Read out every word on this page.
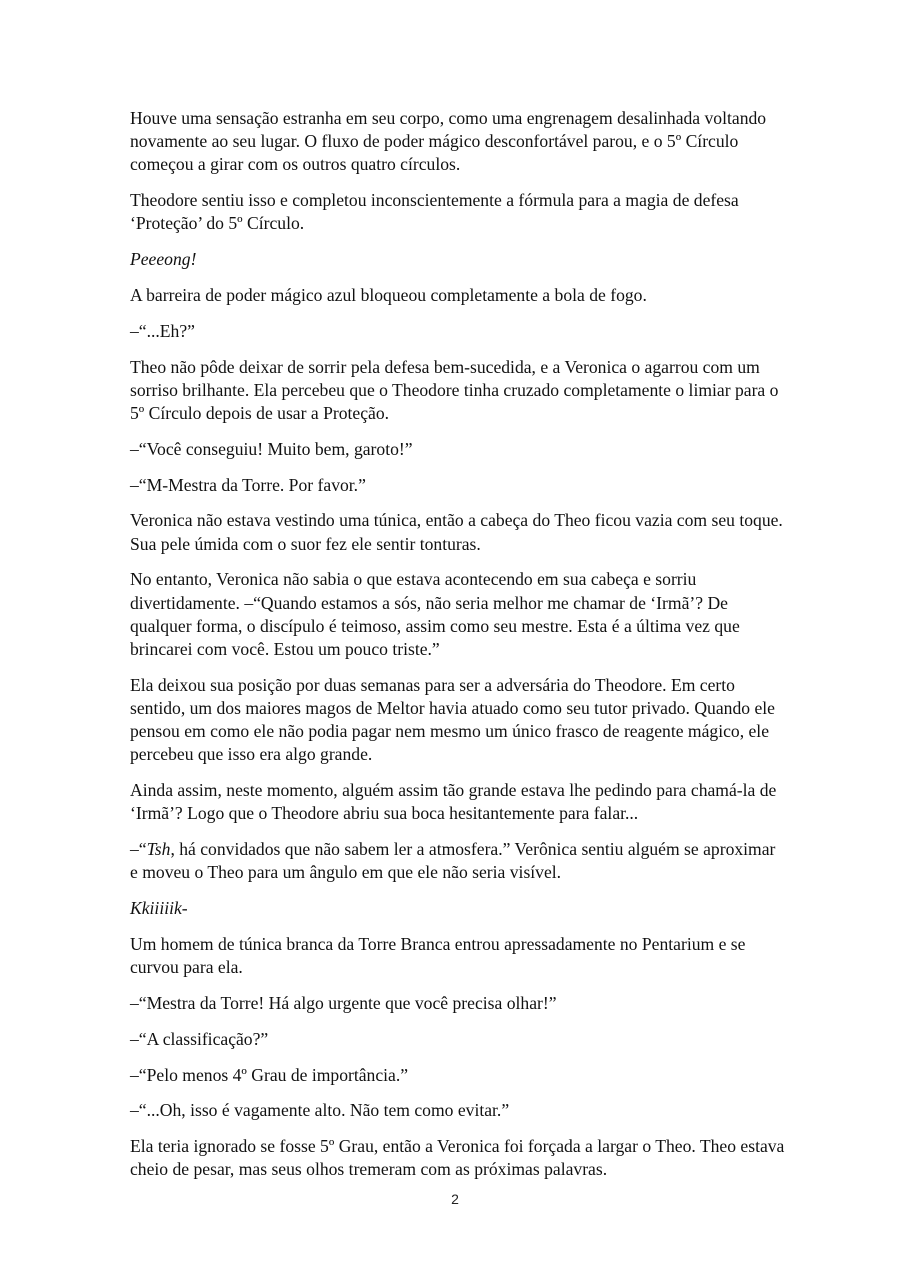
Houve uma sensação estranha em seu corpo, como uma engrenagem desalinhada voltando novamente ao seu lugar. O fluxo de poder mágico desconfortável parou, e o 5º Círculo começou a girar com os outros quatro círculos.

Theodore sentiu isso e completou inconscientemente a fórmula para a magia de defesa ‘Proteção’ do 5º Círculo.

Peeeong!

A barreira de poder mágico azul bloqueou completamente a bola de fogo.

–“...Eh?”

Theo não pôde deixar de sorrir pela defesa bem-sucedida, e a Veronica o agarrou com um sorriso brilhante. Ela percebeu que o Theodore tinha cruzado completamente o limiar para o 5º Círculo depois de usar a Proteção.

–“Você conseguiu! Muito bem, garoto!”

–“M-Mestra da Torre. Por favor.”

Veronica não estava vestindo uma túnica, então a cabeça do Theo ficou vazia com seu toque. Sua pele úmida com o suor fez ele sentir tonturas.

No entanto, Veronica não sabia o que estava acontecendo em sua cabeça e sorriu divertidamente. –“Quando estamos a sós, não seria melhor me chamar de ‘Irmã’? De qualquer forma, o discípulo é teimoso, assim como seu mestre. Esta é a última vez que brincarei com você. Estou um pouco triste.”

Ela deixou sua posição por duas semanas para ser a adversária do Theodore. Em certo sentido, um dos maiores magos de Meltor havia atuado como seu tutor privado. Quando ele pensou em como ele não podia pagar nem mesmo um único frasco de reagente mágico, ele percebeu que isso era algo grande.

Ainda assim, neste momento, alguém assim tão grande estava lhe pedindo para chamá-la de ‘Irmã’? Logo que o Theodore abriu sua boca hesitantemente para falar...

–“Tsh, há convidados que não sabem ler a atmosfera.” Verônica sentiu alguém se aproximar e moveu o Theo para um ângulo em que ele não seria visível.

Kkiiiiik-

Um homem de túnica branca da Torre Branca entrou apressadamente no Pentarium e se curvou para ela.

–“Mestra da Torre! Há algo urgente que você precisa olhar!”

–“A classificação?”

–“Pelo menos 4º Grau de importância.”

–“...Oh, isso é vagamente alto. Não tem como evitar.”

Ela teria ignorado se fosse 5º Grau, então a Veronica foi forçada a largar o Theo. Theo estava cheio de pesar, mas seus olhos tremeram com as próximas palavras.

2
